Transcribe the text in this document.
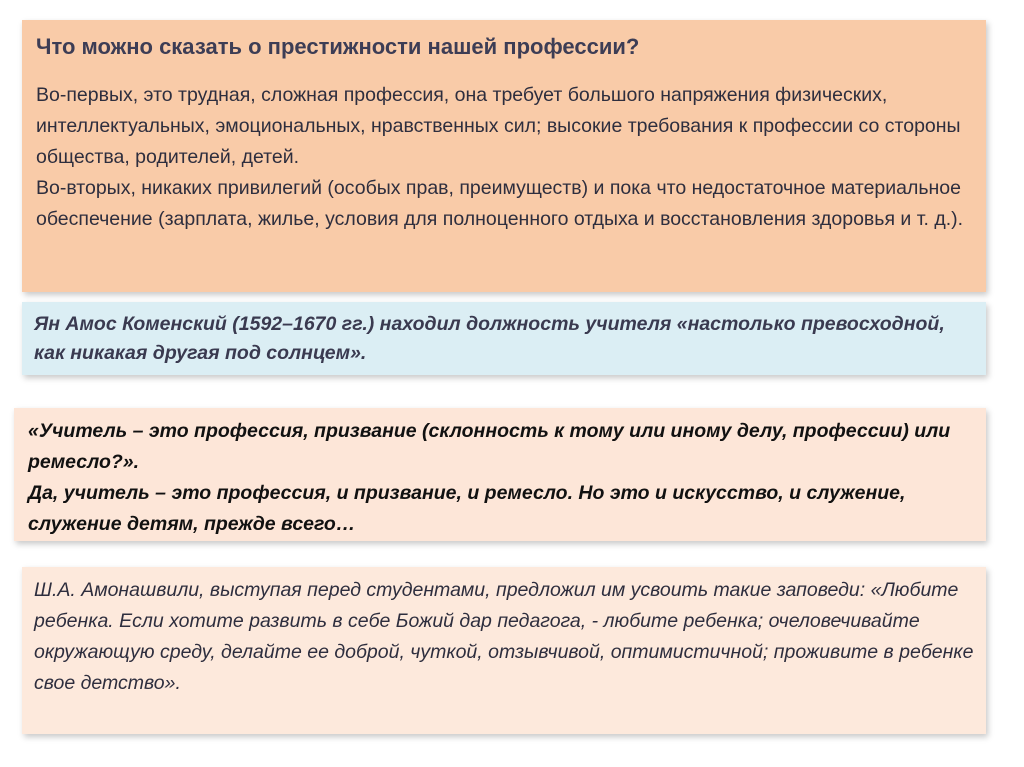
Что можно сказать о престижности нашей профессии?

Во-первых, это трудная, сложная профессия, она требует большого напряжения физических, интеллектуальных, эмоциональных, нравственных сил; высокие требования к профессии со стороны общества, родителей, детей.
Во-вторых, никаких привилегий (особых прав, преимуществ) и пока что недостаточное материальное обеспечение (зарплата, жилье, условия для полноценного отдыха и восстановления здоровья и т. д.).

Ян Амос Коменский (1592–1670 гг.) находил должность учителя «настолько превосходной, как никакая другая под солнцем».

«Учитель – это профессия, призвание (склонность к тому или иному делу, профессии) или ремесло?».
Да, учитель – это профессия, и призвание, и ремесло. Но это и искусство, и служение, служение детям, прежде всего…

Ш.А. Амонашвили, выступая перед студентами, предложил им усвоить такие заповеди: «Любите ребенка. Если хотите развить в себе Божий дар педагога, - любите ребенка; очеловечивайте окружающую среду, делайте ее доброй, чуткой, отзывчивой, оптимистичной; проживите в ребенке свое детство».
